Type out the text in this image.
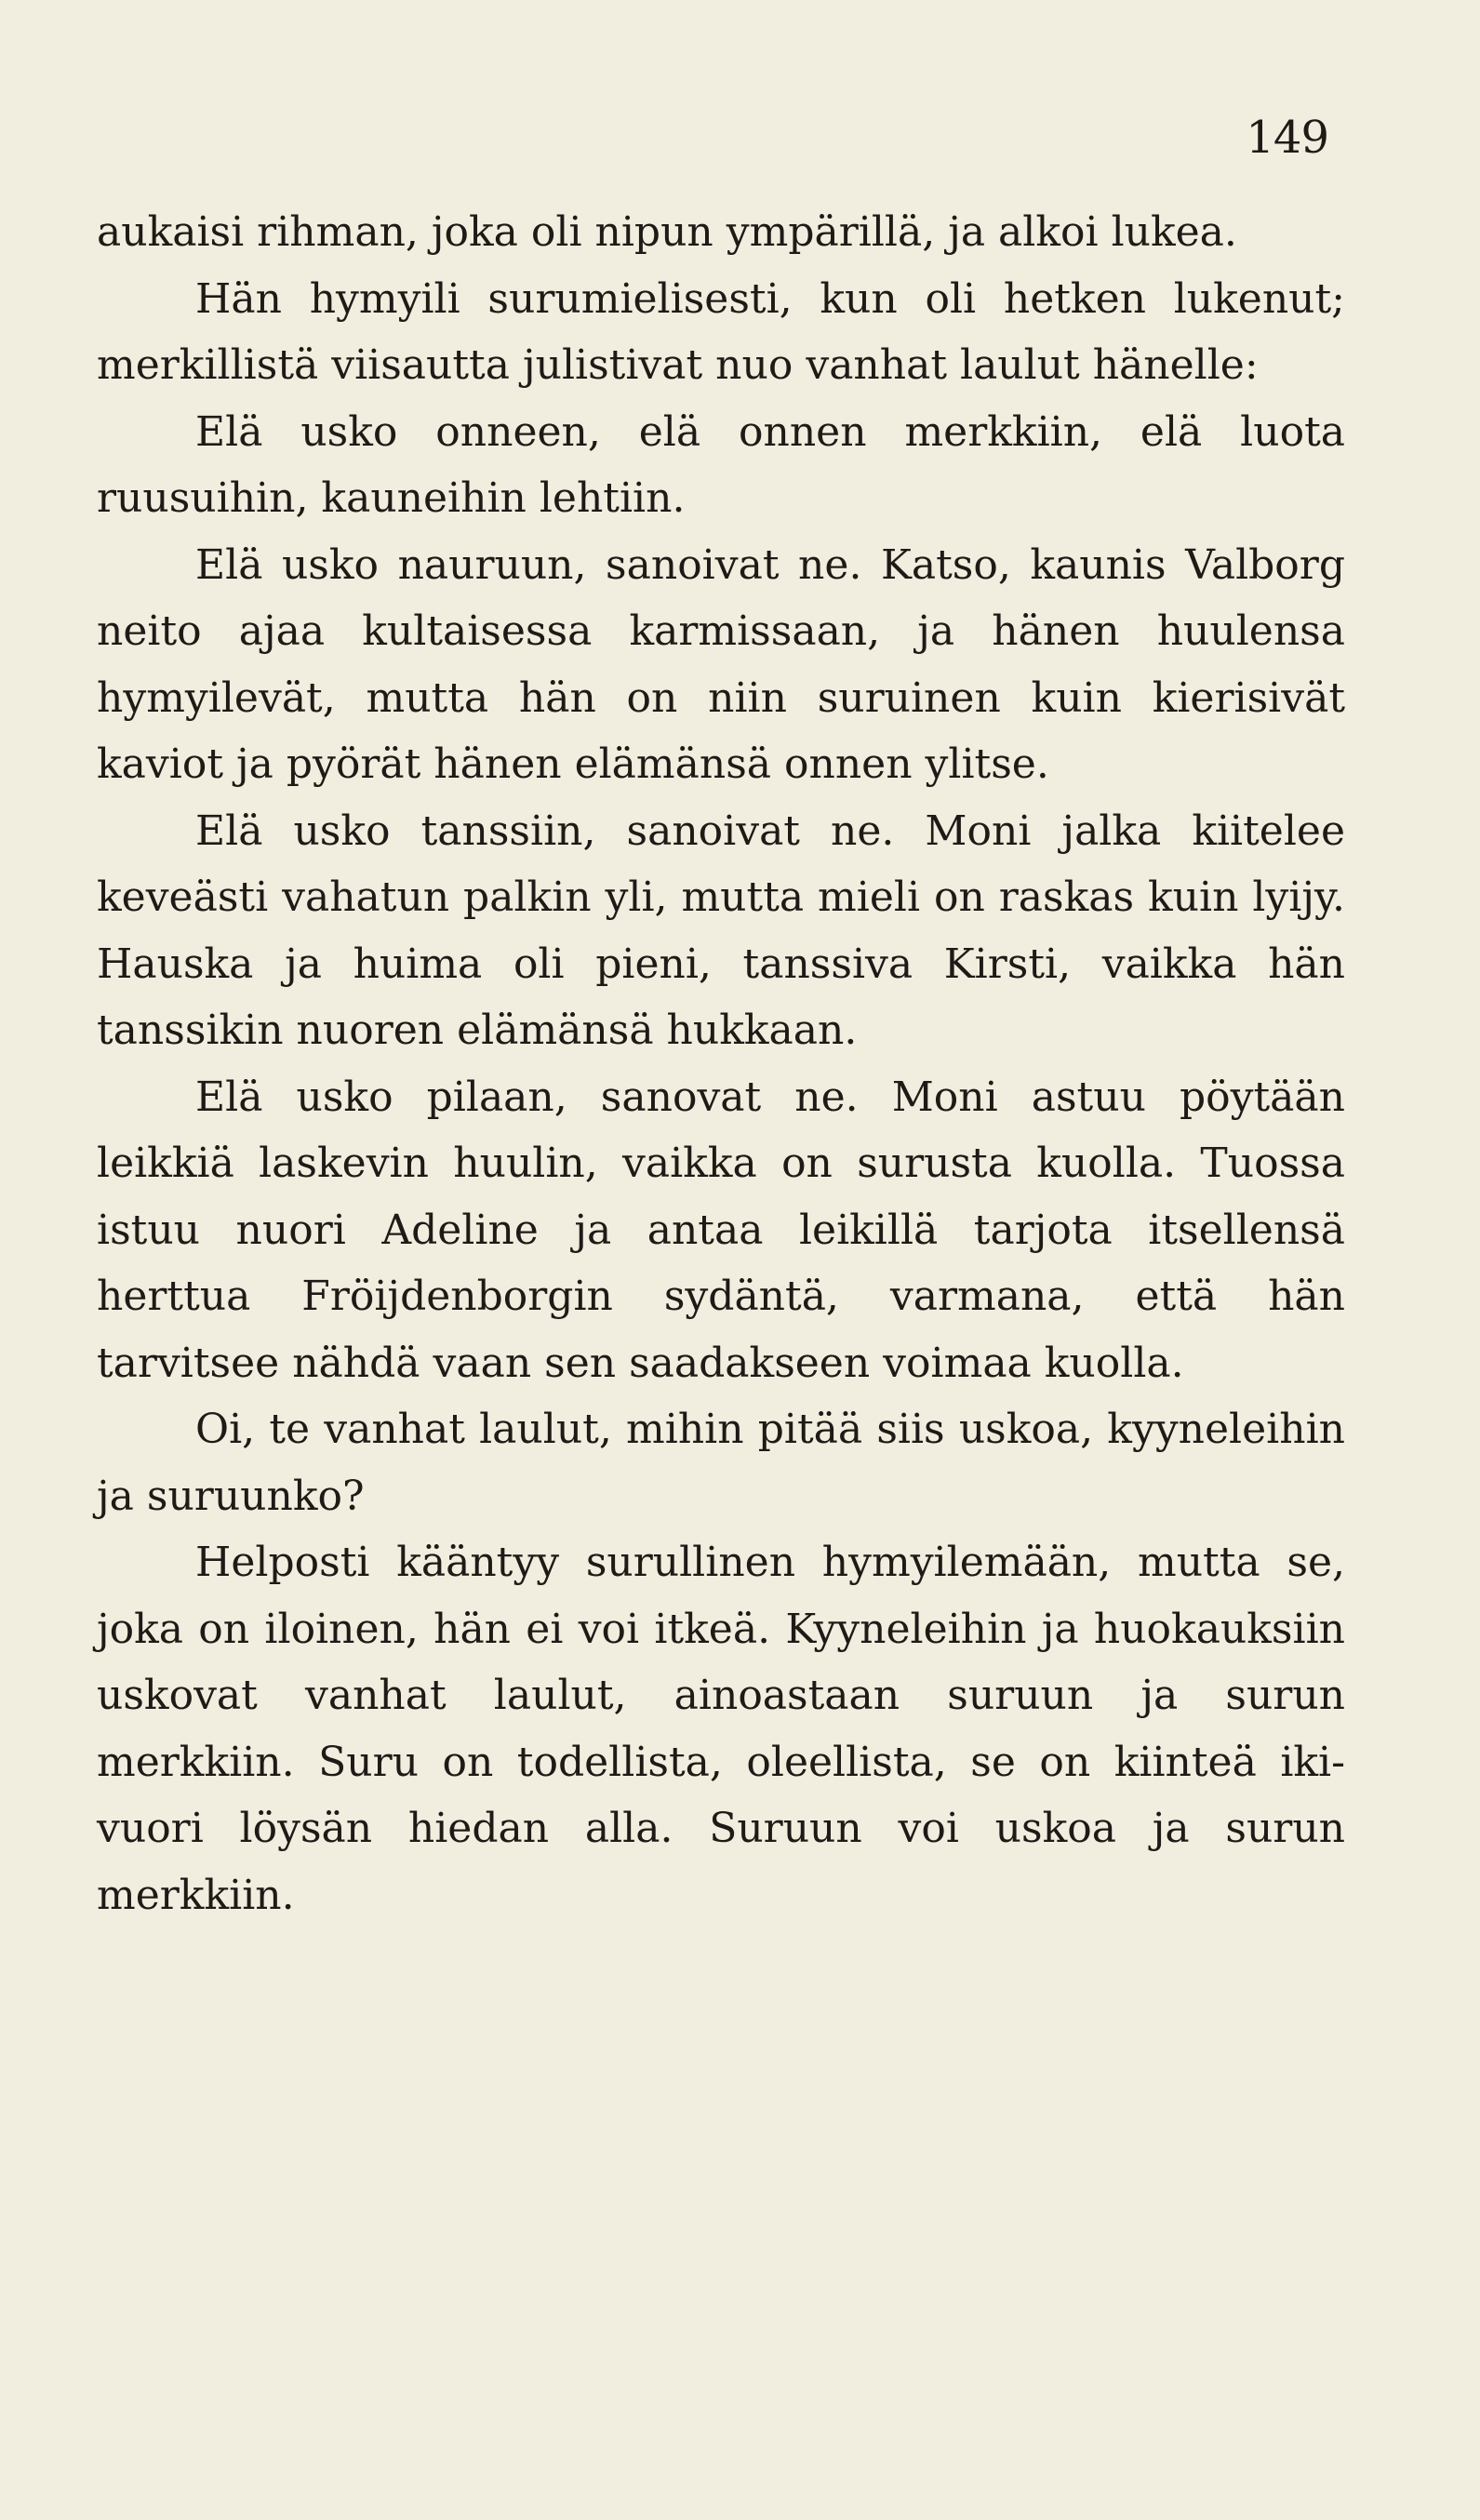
149

aukaisi rihman, joka oli nipun ympärillä, ja alkoi lukea.

Hän hymyili surumielisesti, kun oli hetken lukenut; merkillistä viisautta julistivat nuo vanhat laulut hänelle:

Elä usko onneen, elä onnen merkkiin, elä luota ruusuihin, kauneihin lehtiin.

Elä usko nauruun, sanoivat ne. Katso, kaunis Valborg neito ajaa kultaisessa karmissaan, ja hänen huulensa hymyilevät, mutta hän on niin suruinen kuin kierisivät kaviot ja pyörät hänen elämänsä onnen ylitse.

Elä usko tanssiin, sanoivat ne. Moni jalka kiitelee keveästi vahatun palkin yli, mutta mieli on raskas kuin lyijy. Hauska ja huima oli pieni, tanssiva Kirsti, vaikka hän tanssikin nuoren elämänsä hukkaan.

Elä usko pilaan, sanovat ne. Moni astuu pöytään leikkiä laskevin huulin, vaikka on surusta kuolla. Tuossa istuu nuori Adeline ja antaa leikillä tarjota itsellensä herttua Fröijdenborgin sydäntä, varmana, että hän tarvitsee nähdä vaan sen saadakseen voimaa kuolla.

Oi, te vanhat laulut, mihin pitää siis uskoa, kyyneleihin ja suruunko?

Helposti kääntyy surullinen hymyilemään, mutta se, joka on iloinen, hän ei voi itkeä. Kyyneleihin ja huokauksiin uskovat vanhat laulut, ainoastaan suruun ja surun merkkiin. Suru on todellista, oleellista, se on kiinteä iki-vuori löysän hiedan alla. Suruun voi uskoa ja surun merkkiin.
